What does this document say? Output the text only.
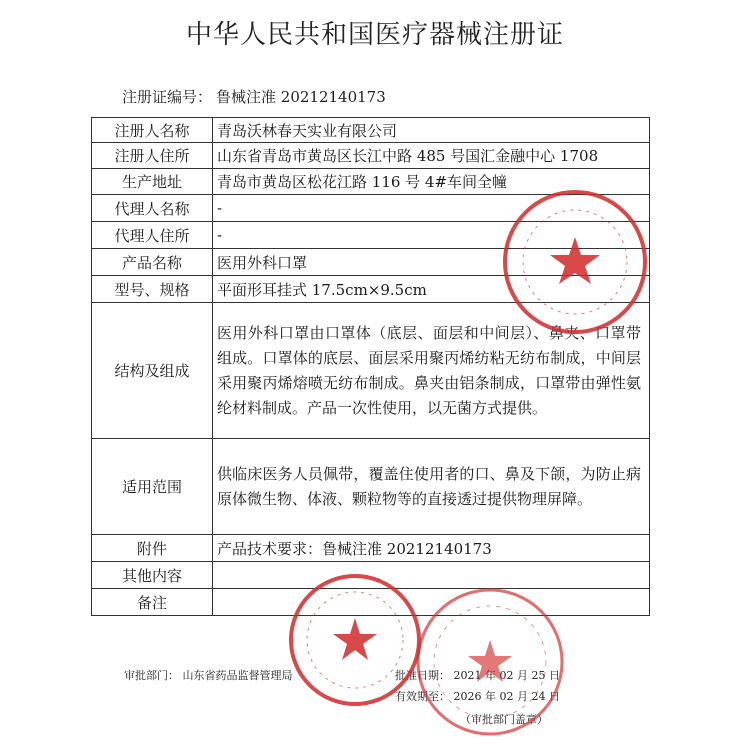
中华人民共和国医疗器械注册证
注册证编号： 鲁械注准 20212140173
注册人名称	青岛沃林春天实业有限公司
注册人住所	山东省青岛市黄岛区长江中路 485 号国汇金融中心 1708
生产地址	青岛市黄岛区松花江路 116 号 4#车间全幢
代理人名称	-
代理人住所	-
产品名称	医用外科口罩
型号、规格	平面形耳挂式 17.5cm×9.5cm
结构及组成	医用外科口罩由口罩体（底层、面层和中间层）、鼻夹、口罩带组成。口罩体的底层、面层采用聚丙烯纺粘无纺布制成，中间层采用聚丙烯熔喷无纺布制成。鼻夹由铝条制成，口罩带由弹性氨纶材料制成。产品一次性使用，以无菌方式提供。
适用范围	供临床医务人员佩带，覆盖住使用者的口、鼻及下颌，为防止病原体微生物、体液、颗粒物等的直接透过提供物理屏障。
附件	产品技术要求：鲁械注准 20212140173
其他内容	
备注	
审批部门： 山东省药品监督管理局	批准日期： 2021 年 02 月 25 日
有效期至： 2026 年 02 月 24 日
（审批部门盖章）
